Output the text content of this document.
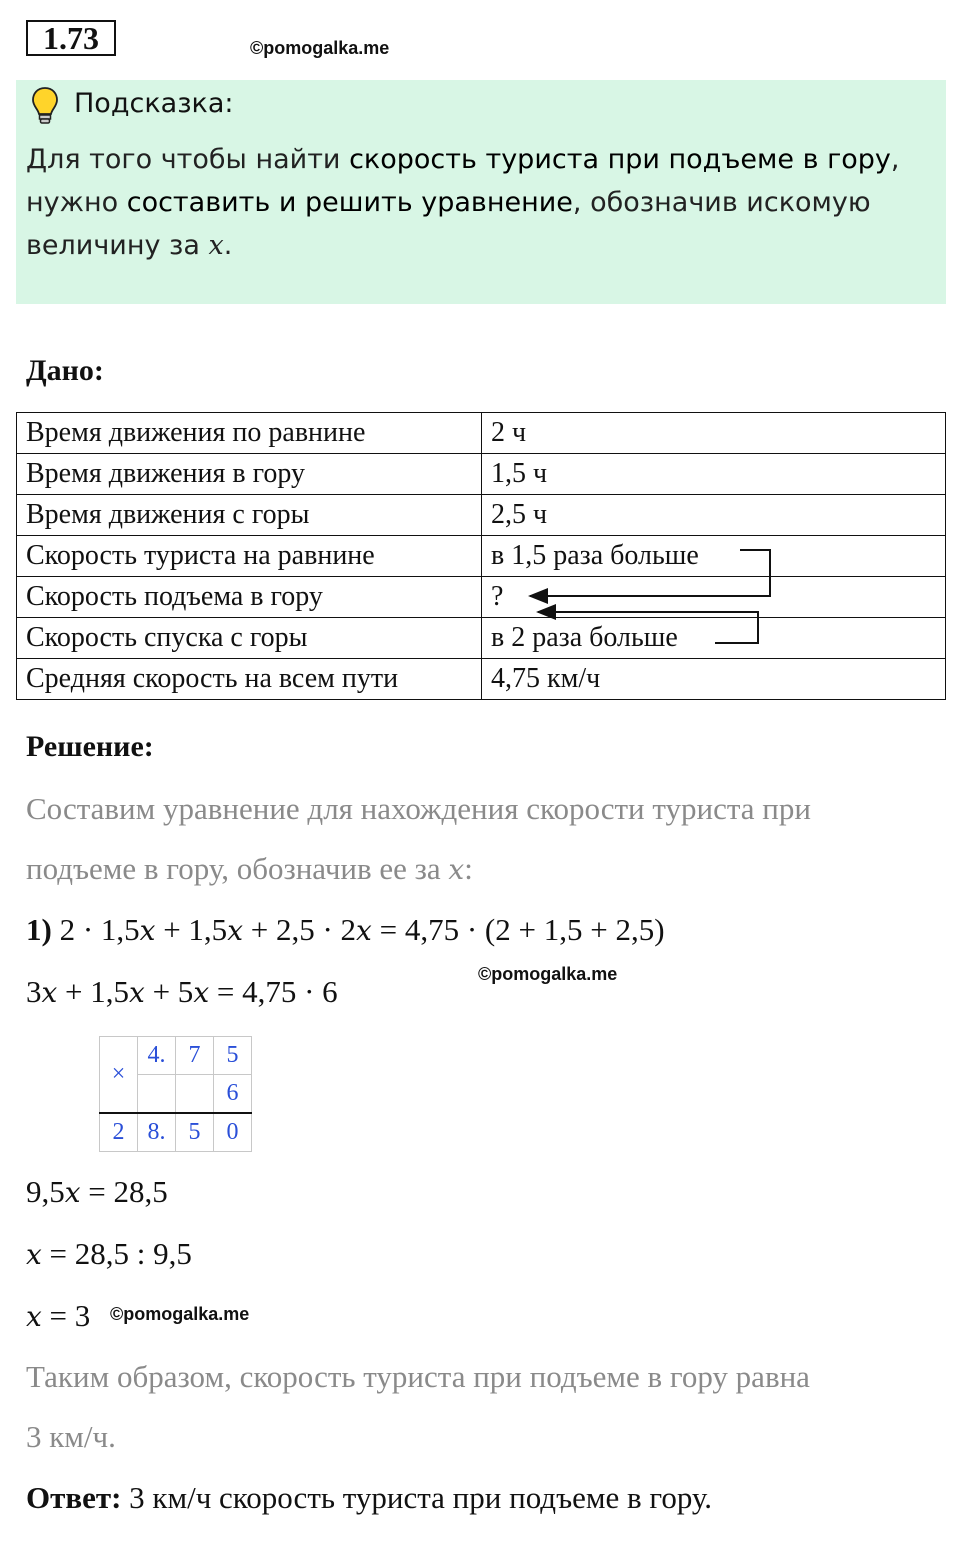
1.73	©pomogalka.me
Подсказка:
Для того чтобы найти скорость туриста при подъеме в гору,
нужно составить и решить уравнение, обозначив искомую
величину за x.
Дано:
Время движения по равнине	2 ч
Время движения в гору	1,5 ч
Время движения с горы	2,5 ч
Скорость туриста на равнине	в 1,5 раза больше
Скорость подъема в гору	?
Скорость спуска с горы	в 2 раза больше
Средняя скорость на всем пути	4,75 км/ч
Решение:
Составим уравнение для нахождения скорости туриста при
подъеме в гору, обозначив ее за x:
1) 2 · 1,5x + 1,5x + 2,5 · 2x = 4,75 · (2 + 1,5 + 2,5)
3x + 1,5x + 5x = 4,75 · 6	©pomogalka.me
×	4.	7	5
			6
2	8.	5	0
9,5x = 28,5
x = 28,5 : 9,5
x = 3 ©pomogalka.me
Таким образом, скорость туриста при подъеме в гору равна
3 км/ч.
Ответ: 3 км/ч скорость туриста при подъеме в гору.
